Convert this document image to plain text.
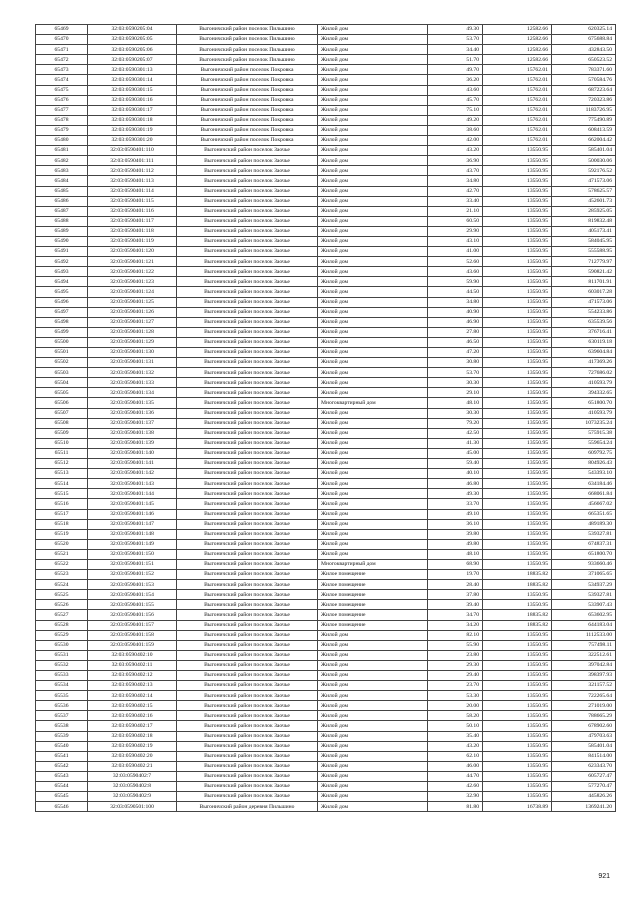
65469	32:03:0590205:04	Выгоничский район поселок Пильшино	Жилой дом	49.30	12582.66	620325.14
65470	32:03:0590205:05	Выгоничский район поселок Пильшино	Жилой дом	53.70	12582.66	675688.84
65471	32:03:0590205:06	Выгоничский район поселок Пильшино	Жилой дом	34.40	12582.66	432843.50
65472	32:03:0590205:07	Выгоничский район поселок Пильшино	Жилой дом	51.70	12582.66	650523.52
65473	32:03:0590301:13	Выгоничский район поселок Покровка	Жилой дом	49.70	15762.01	783371.60
65474	32:03:0590301:14	Выгоничский район поселок Покровка	Жилой дом	36.20	15762.01	570584.76
65475	32:03:0590301:15	Выгоничский район поселок Покровка	Жилой дом	43.60	15762.01	687223.64
65476	32:03:0590301:16	Выгоничский район поселок Покровка	Жилой дом	45.70	15762.01	720323.86
65477	32:03:0590301:17	Выгоничский район поселок Покровка	Жилой дом	75.10	15762.01	1183726.95
65478	32:03:0590301:18	Выгоничский район поселок Покровка	Жилой дом	49.20	15762.01	775490.89
65479	32:03:0590301:19	Выгоничский район поселок Покровка	Жилой дом	38.60	15762.01	608413.59
65480	32:03:0590301:20	Выгоничский район поселок Покровка	Жилой дом	42.00	15762.01	662004.42
65481	32:03:0590401:110	Выгоничский район поселок Заочье	Жилой дом	43.20	13550.95	585401.04
65482	32:03:0590401:111	Выгоничский район поселок Заочье	Жилой дом	36.90	13550.95	500030.06
65483	32:03:0590401:112	Выгоничский район поселок Заочье	Жилой дом	43.70	13550.95	592176.52
65484	32:03:0590401:113	Выгоничский район поселок Заочье	Жилой дом	34.80	13550.95	471573.06
65485	32:03:0590401:114	Выгоничский район поселок Заочье	Жилой дом	42.70	13550.95	578625.57
65486	32:03:0590401:115	Выгоничский район поселок Заочье	Жилой дом	33.40	13550.95	452601.73
65487	32:03:0590401:116	Выгоничский район поселок Заочье	Жилой дом	21.10	13550.95	285925.05
65488	32:03:0590401:117	Выгоничский район поселок Заочье	Жилой дом	60.50	13550.95	819832.48
65489	32:03:0590401:118	Выгоничский район поселок Заочье	Жилой дом	29.90	13550.95	405173.41
65490	32:03:0590401:119	Выгоничский район поселок Заочье	Жилой дом	43.10	13550.95	584045.95
65491	32:03:0590401:120	Выгоничский район поселок Заочье	Жилой дом	41.00	13550.95	555588.95
65492	32:03:0590401:121	Выгоничский район поселок Заочье	Жилой дом	52.60	13550.95	712779.97
65493	32:03:0590401:122	Выгоничский район поселок Заочье	Жилой дом	43.60	13550.95	590821.42
65494	32:03:0590401:123	Выгоничский район поселок Заочье	Жилой дом	59.90	13550.95	811701.91
65495	32:03:0590401:124	Выгоничский район поселок Заочье	Жилой дом	44.50	13550.95	603017.28
65496	32:03:0590401:125	Выгоничский район поселок Заочье	Жилой дом	34.80	13550.95	471573.06
65497	32:03:0590401:126	Выгоничский район поселок Заочье	Жилой дом	40.90	13550.95	554233.86
65498	32:03:0590401:127	Выгоничский район поселок Заочье	Жилой дом	46.90	13550.95	635539.56
65499	32:03:0590401:128	Выгоничский район поселок Заочье	Жилой дом	27.80	13550.95	376716.41
65500	32:03:0590401:129	Выгоничский район поселок Заочье	Жилой дом	46.50	13550.95	630119.18
65501	32:03:0590401:130	Выгоничский район поселок Заочье	Жилой дом	47.20	13550.95	639604.84
65502	32:03:0590401:131	Выгоничский район поселок Заочье	Жилой дом	30.80	13550.95	417369.26
65503	32:03:0590401:132	Выгоничский район поселок Заочье	Жилой дом	53.70	13550.95	727686.02
65504	32:03:0590401:133	Выгоничский район поселок Заочье	Жилой дом	30.30	13550.95	410593.79
65505	32:03:0590401:134	Выгоничский район поселок Заочье	Жилой дом	29.10	13550.95	394332.65
65506	32:03:0590401:135	Выгоничский район поселок Заочье	Многоквартирный дом	48.10	13550.95	651800.70
65507	32:03:0590401:136	Выгоничский район поселок Заочье	Жилой дом	30.30	13550.95	410593.79
65508	32:03:0590401:137	Выгоничский район поселок Заочье	Жилой дом	79.20	13550.95	1073235.24
65509	32:03:0590401:138	Выгоничский район поселок Заочье	Жилой дом	42.50	13550.95	575915.38
65510	32:03:0590401:139	Выгоничский район поселок Заочье	Жилой дом	41.30	13550.95	559654.24
65511	32:03:0590401:140	Выгоничский район поселок Заочье	Жилой дом	45.00	13550.95	609792.75
65512	32:03:0590401:141	Выгоничский район поселок Заочье	Жилой дом	59.40	13550.95	804926.43
65513	32:03:0590401:142	Выгоничский район поселок Заочье	Жилой дом	40.10	13550.95	543393.10
65514	32:03:0590401:143	Выгоничский район поселок Заочье	Жилой дом	46.80	13550.95	634184.46
65515	32:03:0590401:144	Выгоничский район поселок Заочье	Жилой дом	49.30	13550.95	668061.84
65516	32:03:0590401:145	Выгоничский район поселок Заочье	Жилой дом	33.70	13550.95	456667.02
65517	32:03:0590401:146	Выгоничский район поселок Заочье	Жилой дом	49.10	13550.95	665351.65
65518	32:03:0590401:147	Выгоничский район поселок Заочье	Жилой дом	36.10	13550.95	489189.30
65519	32:03:0590401:148	Выгоничский район поселок Заочье	Жилой дом	39.80	13550.95	539327.81
65520	32:03:0590401:149	Выгоничский район поселок Заочье	Жилой дом	49.80	13550.95	674837.31
65521	32:03:0590401:150	Выгоничский район поселок Заочье	Жилой дом	48.10	13550.95	651800.70
65522	32:03:0590401:151	Выгоничский район поселок Заочье	Многоквартирный дом	68.90	13550.95	933660.46
65523	32:03:0590401:152	Выгоничский район поселок Заочье	Жилое помещение	19.70	18835.82	371065.65
65524	32:03:0590401:153	Выгоничский район поселок Заочье	Жилое помещение	28.40	18835.82	534937.29
65525	32:03:0590401:154	Выгоничский район поселок Заочье	Жилое помещение	37.80	13550.95	539327.81
65526	32:03:0590401:155	Выгоничский район поселок Заочье	Жилое помещение	39.40	13550.95	533907.43
65527	32:03:0590401:156	Выгоничский район поселок Заочье	Жилое помещение	34.70	18835.82	653602.95
65528	32:03:0590401:157	Выгоничский район поселок Заочье	Жилое помещение	34.20	18835.82	644183.04
65529	32:03:0590401:158	Выгоничский район поселок Заочье	Жилой дом	82.10	13550.95	1112533.00
65530	32:03:0590401:159	Выгоничский район поселок Заочье	Жилой дом	55.90	13550.95	757498.11
65531	32:03:0590402:10	Выгоничский район поселок Заочье	Жилой дом	23.80	13550.95	322512.61
65532	32:03:0590402:11	Выгоничский район поселок Заочье	Жилой дом	29.30	13550.95	397042.84
65533	32:03:0590402:12	Выгоничский район поселок Заочье	Жилой дом	29.40	13550.95	398397.93
65534	32:03:0590402:13	Выгоничский район поселок Заочье	Жилой дом	23.70	13550.95	321157.52
65535	32:03:0590402:14	Выгоничский район поселок Заочье	Жилой дом	53.30	13550.95	722265.64
65536	32:03:0590402:15	Выгоничский район поселок Заочье	Жилой дом	20.00	13550.95	271019.00
65537	32:03:0590402:16	Выгоничский район поселок Заочье	Жилой дом	58.20	13550.95	788665.29
65538	32:03:0590402:17	Выгоничский район поселок Заочье	Жилой дом	50.10	13550.95	678902.60
65539	32:03:0590402:18	Выгоничский район поселок Заочье	Жилой дом	35.40	13550.95	479703.63
65540	32:03:0590402:19	Выгоничский район поселок Заочье	Жилой дом	43.20	13550.95	585401.04
65541	32:03:0590402:20	Выгоничский район поселок Заочье	Жилой дом	62.10	13550.95	841514.00
65542	32:03:0590402:21	Выгоничский район поселок Заочье	Жилой дом	46.00	13550.95	623343.70
65543	32:03:0590402:7	Выгоничский район поселок Заочье	Жилой дом	44.70	13550.95	605727.47
65544	32:03:0590402:8	Выгоничский район поселок Заочье	Жилой дом	42.60	13550.95	577270.47
65545	32:03:0590402:9	Выгоничский район поселок Заочье	Жилой дом	32.90	13550.95	445826.26
65546	32:03:0590501:100	Выгоничский район деревня Пильшино	Жилой дом	81.80	16738.89	1369241.20
921
